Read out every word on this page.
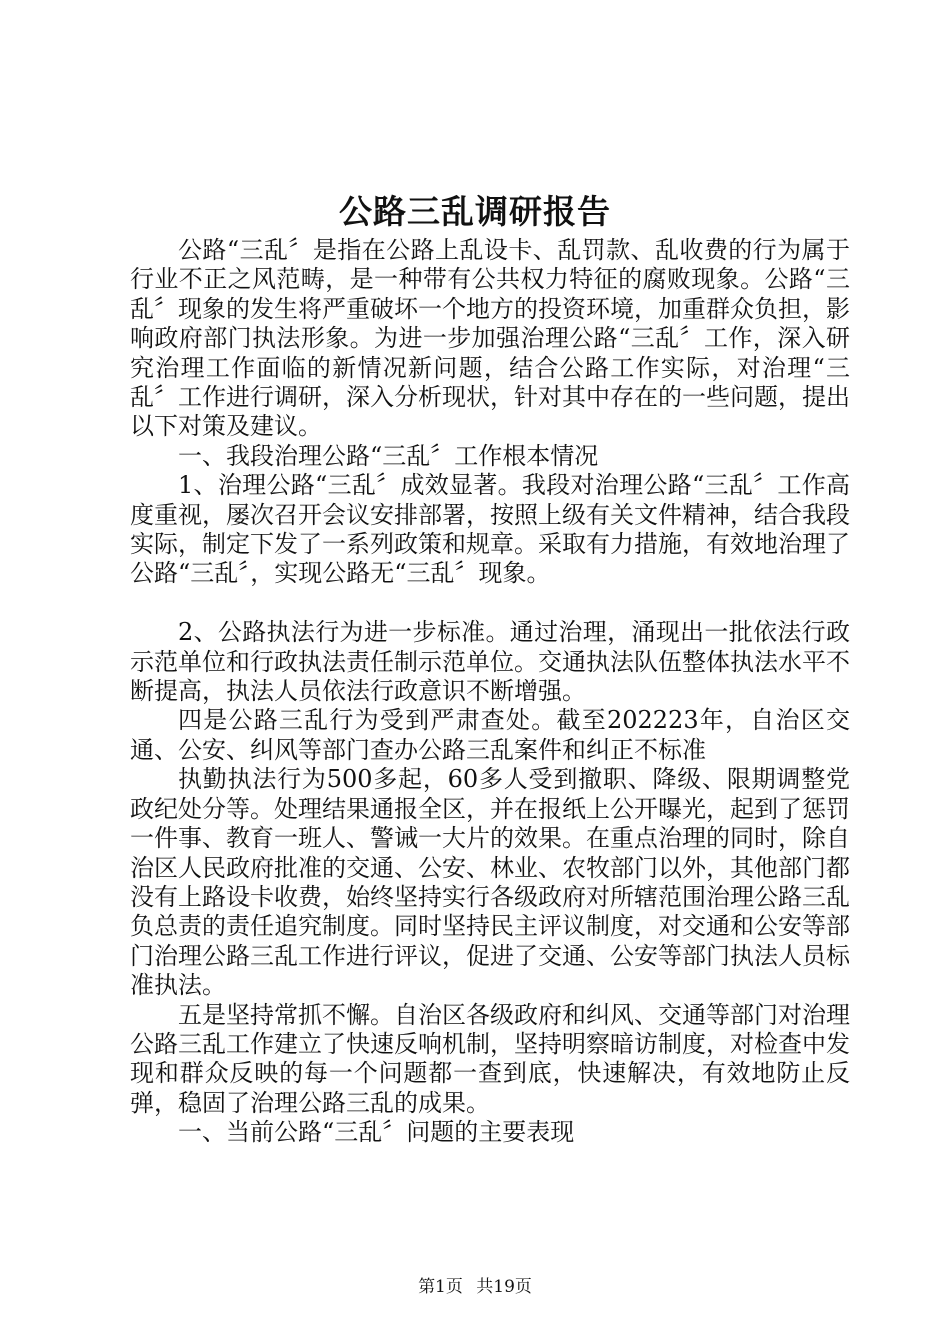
公路三乱调研报告

公路“三乱〞是指在公路上乱设卡、乱罚款、乱收费的行为属于行业不正之风范畴，是一种带有公共权力特征的腐败现象。公路“三乱〞现象的发生将严重破坏一个地方的投资环境，加重群众负担，影响政府部门执法形象。为进一步加强治理公路“三乱〞工作，深入研究治理工作面临的新情况新问题，结合公路工作实际，对治理“三乱〞工作进行调研，深入分析现状，针对其中存在的一些问题，提出以下对策及建议。

一、我段治理公路“三乱〞工作根本情况

1、治理公路“三乱〞成效显著。我段对治理公路“三乱〞工作高度重视，屡次召开会议安排部署，按照上级有关文件精神，结合我段实际，制定下发了一系列政策和规章。采取有力措施，有效地治理了公路“三乱〞，实现公路无“三乱〞现象。

2、公路执法行为进一步标准。通过治理，涌现出一批依法行政示范单位和行政执法责任制示范单位。交通执法队伍整体执法水平不断提高，执法人员依法行政意识不断增强。

四是公路三乱行为受到严肃查处。截至202223年，自治区交通、公安、纠风等部门查办公路三乱案件和纠正不标准

执勤执法行为500多起，60多人受到撤职、降级、限期调整党政纪处分等。处理结果通报全区，并在报纸上公开曝光，起到了惩罚一件事、教育一班人、警诫一大片的效果。在重点治理的同时，除自治区人民政府批准的交通、公安、林业、农牧部门以外，其他部门都没有上路设卡收费，始终坚持实行各级政府对所辖范围治理公路三乱负总责的责任追究制度。同时坚持民主评议制度，对交通和公安等部门治理公路三乱工作进行评议，促进了交通、公安等部门执法人员标准执法。

五是坚持常抓不懈。自治区各级政府和纠风、交通等部门对治理公路三乱工作建立了快速反响机制，坚持明察暗访制度，对检查中发现和群众反映的每一个问题都一查到底，快速解决，有效地防止反弹，稳固了治理公路三乱的成果。

一、当前公路“三乱〞问题的主要表现

第1页 共19页
